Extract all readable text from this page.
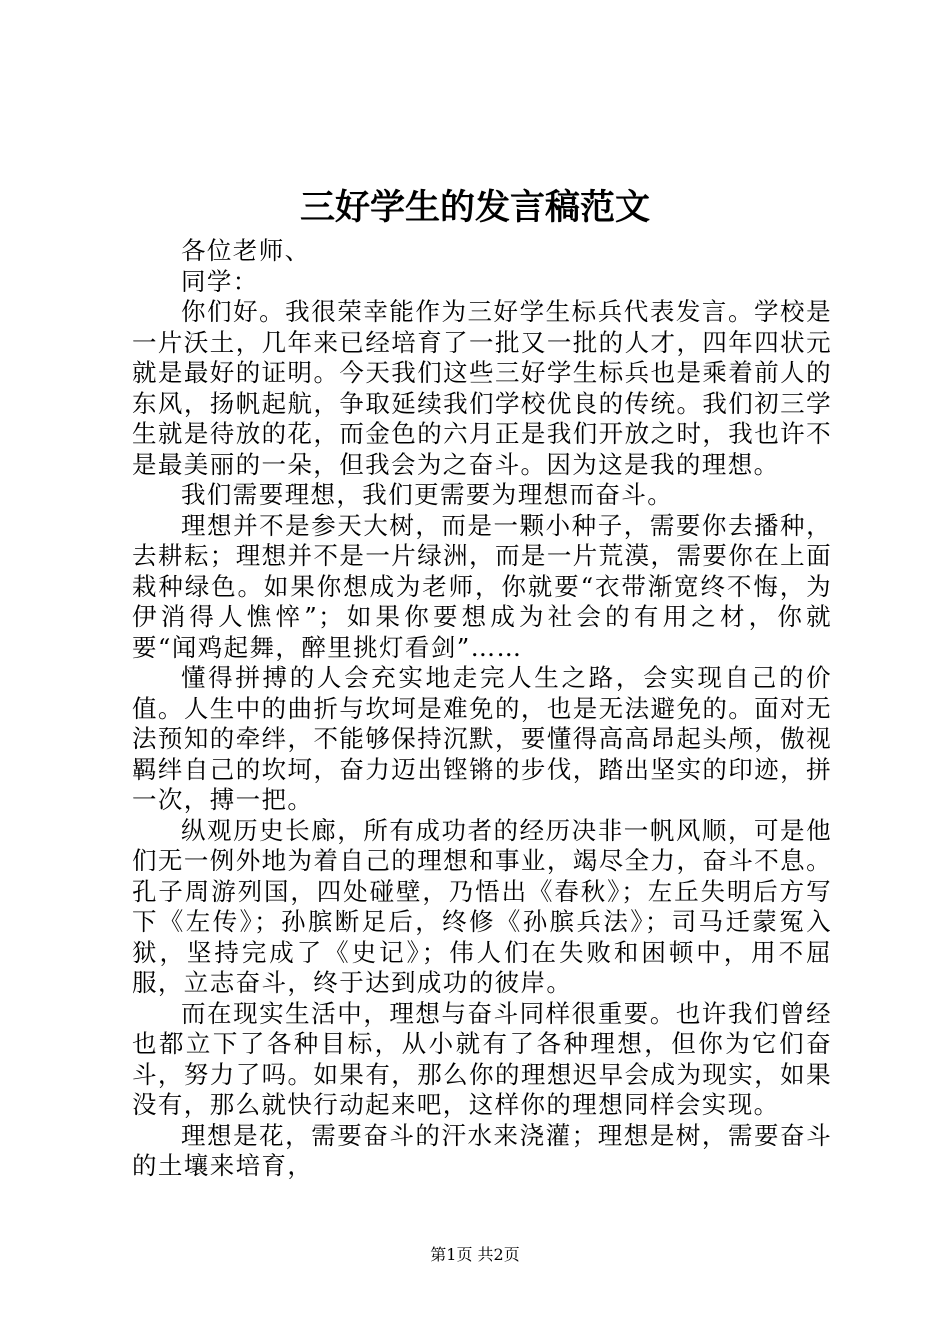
三好学生的发言稿范文

各位老师、

同学：

你们好。我很荣幸能作为三好学生标兵代表发言。学校是一片沃土，几年来已经培育了一批又一批的人才，四年四状元就是最好的证明。今天我们这些三好学生标兵也是乘着前人的东风，扬帆起航，争取延续我们学校优良的传统。我们初三学生就是待放的花，而金色的六月正是我们开放之时，我也许不是最美丽的一朵，但我会为之奋斗。因为这是我的理想。

我们需要理想，我们更需要为理想而奋斗。

理想并不是参天大树，而是一颗小种子，需要你去播种，去耕耘；理想并不是一片绿洲，而是一片荒漠，需要你在上面栽种绿色。如果你想成为老师，你就要“衣带渐宽终不悔，为伊消得人憔悴”；如果你要想成为社会的有用之材，你就要“闻鸡起舞，醉里挑灯看剑”……

懂得拼搏的人会充实地走完人生之路，会实现自己的价值。人生中的曲折与坎坷是难免的，也是无法避免的。面对无法预知的牵绊，不能够保持沉默，要懂得高高昂起头颅，傲视羁绊自己的坎坷，奋力迈出铿锵的步伐，踏出坚实的印迹，拼一次，搏一把。

纵观历史长廊，所有成功者的经历决非一帆风顺，可是他们无一例外地为着自己的理想和事业，竭尽全力，奋斗不息。孔子周游列国，四处碰壁，乃悟出《春秋》；左丘失明后方写下《左传》；孙膑断足后，终修《孙膑兵法》；司马迁蒙冤入狱，坚持完成了《史记》；伟人们在失败和困顿中，用不屈服，立志奋斗，终于达到成功的彼岸。

而在现实生活中，理想与奋斗同样很重要。也许我们曾经也都立下了各种目标，从小就有了各种理想，但你为它们奋斗，努力了吗。如果有，那么你的理想迟早会成为现实，如果没有，那么就快行动起来吧，这样你的理想同样会实现。

理想是花，需要奋斗的汗水来浇灌；理想是树，需要奋斗的土壤来培育，

第1页 共2页
